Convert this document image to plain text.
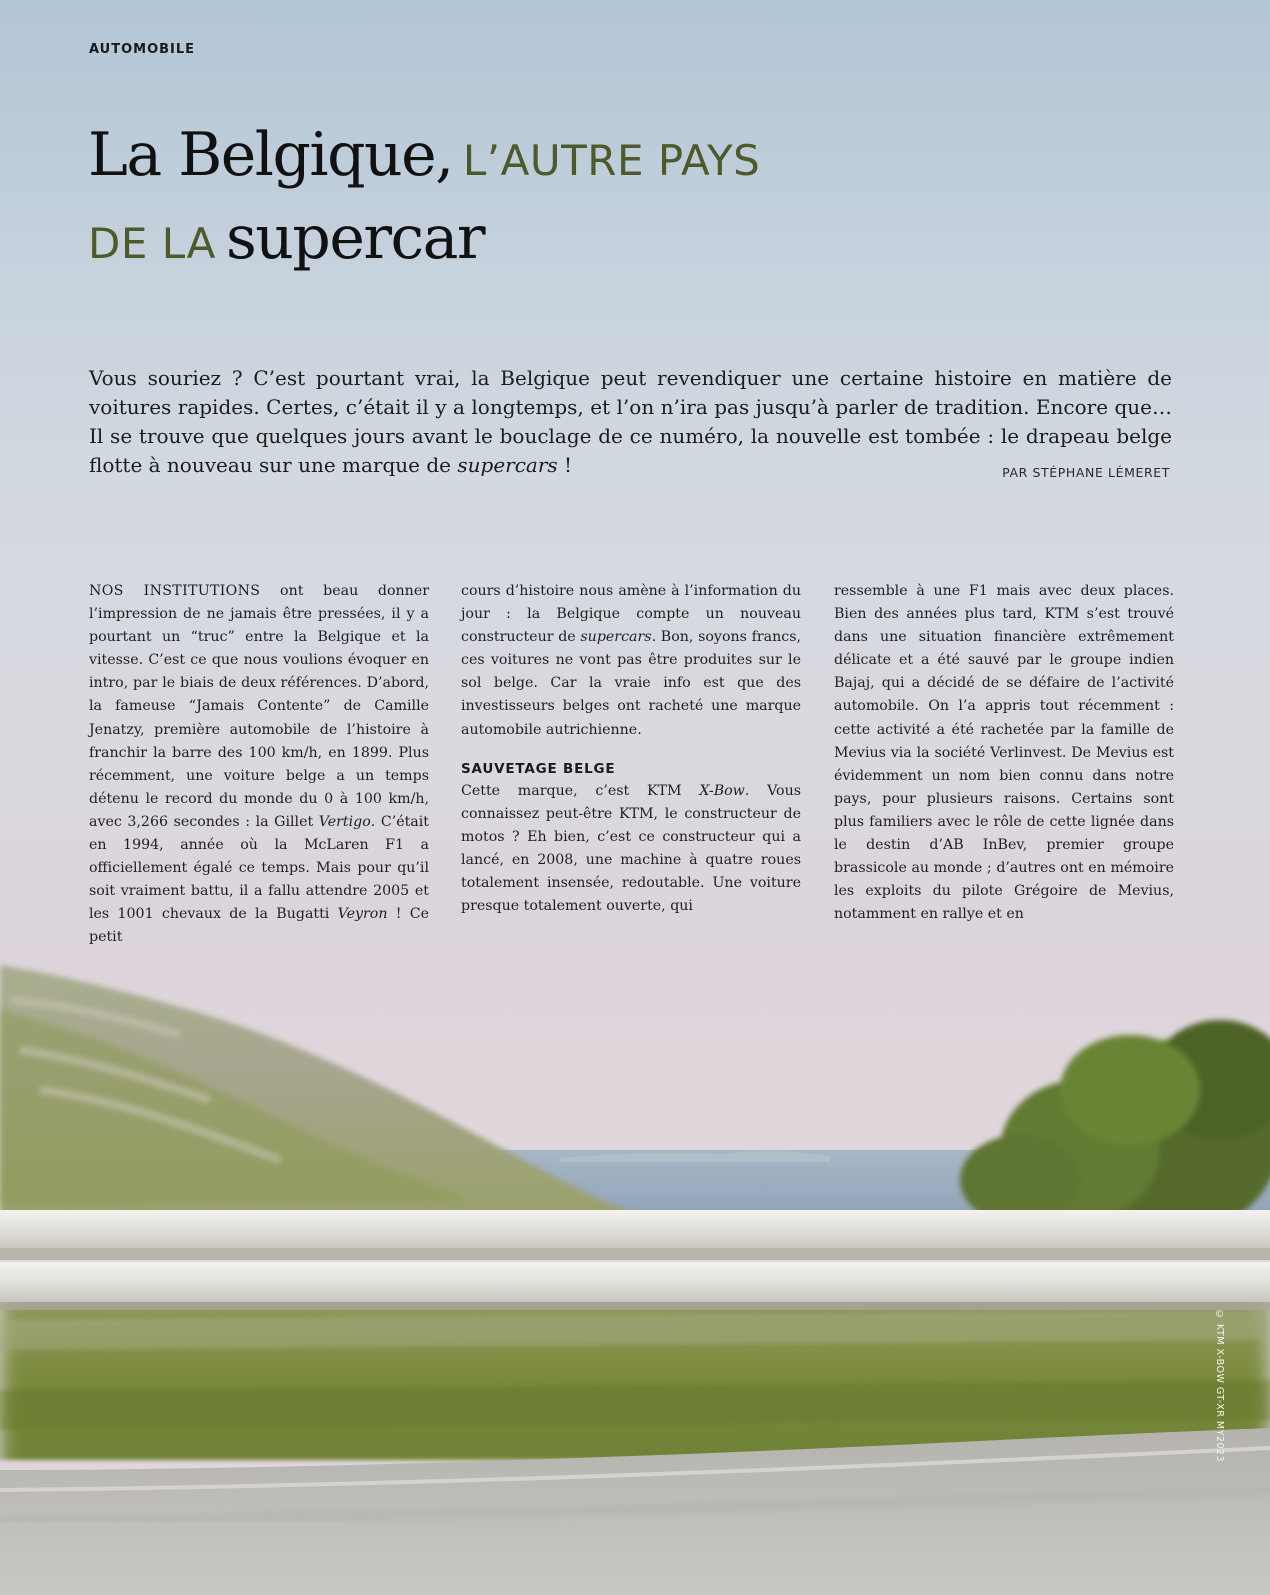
AUTOMOBILE
La Belgique, L’AUTRE PAYS
DE LA supercar

Vous souriez ? C’est pourtant vrai, la Belgique peut revendiquer une certaine histoire en matière de voitures rapides. Certes, c’était il y a longtemps, et l’on n’ira pas jusqu’à parler de tradition. Encore que… Il se trouve que quelques jours avant le bouclage de ce numéro, la nouvelle est tombée : le drapeau belge flotte à nouveau sur une marque de supercars !	PAR STÉPHANE LÉMERET

NOS INSTITUTIONS ont beau donner l’impression de ne jamais être pressées, il y a pourtant un “truc” entre la Belgique et la vitesse. C’est ce que nous voulions évoquer en intro, par le biais de deux références. D’abord, la fameuse “Jamais Contente” de Camille Jenatzy, première automobile de l’histoire à franchir la barre des 100 km/h, en 1899. Plus récemment, une voiture belge a un temps détenu le record du monde du 0 à 100 km/h, avec 3,266 secondes : la Gillet Vertigo. C’était en 1994, année où la McLaren F1 a officiellement égalé ce temps. Mais pour qu’il soit vraiment battu, il a fallu attendre 2005 et les 1001 chevaux de la Bugatti Veyron ! Ce petit

cours d’histoire nous amène à l’information du jour : la Belgique compte un nouveau constructeur de supercars. Bon, soyons francs, ces voitures ne vont pas être produites sur le sol belge. Car la vraie info est que des investisseurs belges ont racheté une marque automobile autrichienne.

SAUVETAGE BELGE

Cette marque, c’est KTM X-Bow. Vous connaissez peut-être KTM, le constructeur de motos ? Eh bien, c’est ce constructeur qui a lancé, en 2008, une machine à quatre roues totalement insensée, redoutable. Une voiture presque totalement ouverte, qui

ressemble à une F1 mais avec deux places. Bien des années plus tard, KTM s’est trouvé dans une situation financière extrêmement délicate et a été sauvé par le groupe indien Bajaj, qui a décidé de se défaire de l’activité automobile. On l’a appris tout récemment : cette activité a été rachetée par la famille de Mevius via la société Verlinvest. De Mevius est évidemment un nom bien connu dans notre pays, pour plusieurs raisons. Certains sont plus familiers avec le rôle de cette lignée dans le destin d’AB InBev, premier groupe brassicole au monde ; d’autres ont en mémoire les exploits du pilote Grégoire de Mevius, notamment en rallye et en

© KTM X-BOW GT-XR MY2023
